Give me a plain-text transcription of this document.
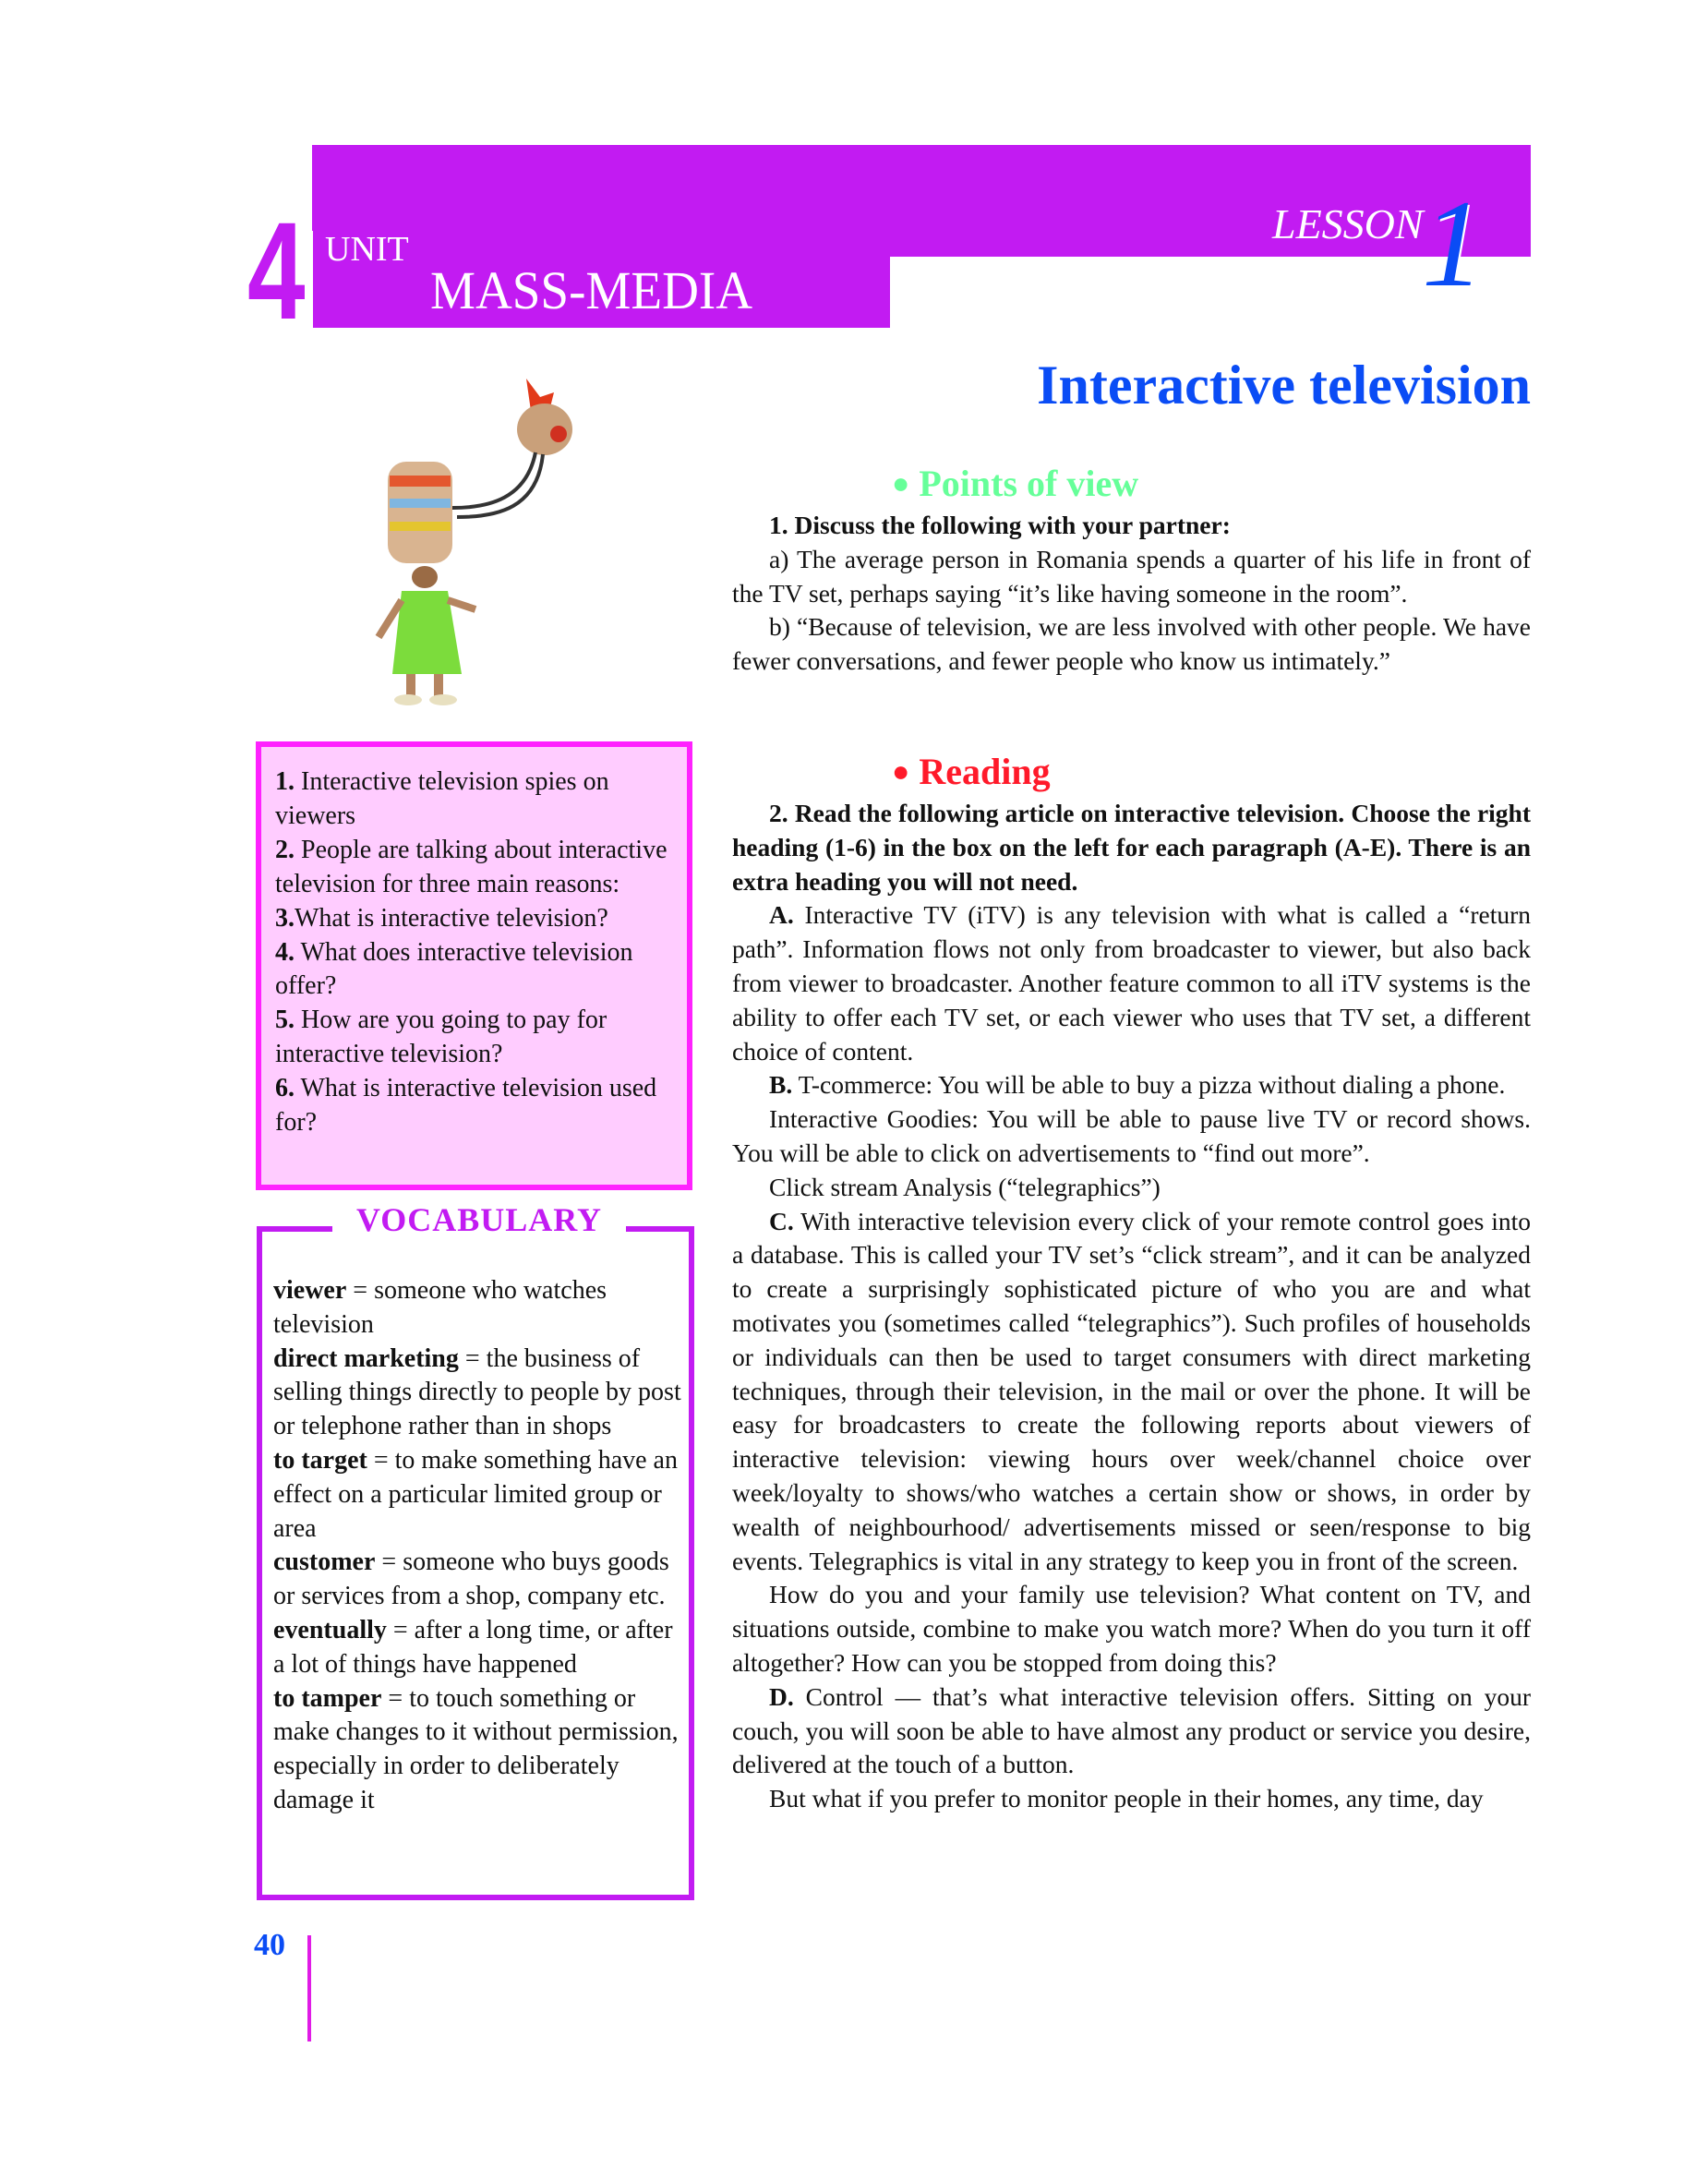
4 UNIT
MASS-MEDIA
LESSON
1
Interactive television
● Points of view

1. Discuss the following with your partner:

a) The average person in Romania spends a quarter of his life in front of the TV set, perhaps saying “it’s like having someone in the room”.

b) “Because of television, we are less involved with other people. We have fewer conversations, and fewer people who know us intimately.”

● Reading

2. Read the following article on interactive television. Choose the right heading (1-6) in the box on the left for each paragraph (A-E). There is an extra heading you will not need.

A. Interactive TV (iTV) is any television with what is called a “return path”. Information flows not only from broadcaster to viewer, but also back from viewer to broadcaster. Another feature common to all iTV systems is the ability to offer each TV set, or each viewer who uses that TV set, a different choice of content.

B. T-commerce: You will be able to buy a pizza without dialing a phone.

Interactive Goodies: You will be able to pause live TV or record shows. You will be able to click on advertisements to “find out more”.

Click stream Analysis (“telegraphics”)

C. With interactive television every click of your remote control goes into a database. This is called your TV set’s “click stream”, and it can be analyzed to create a surprisingly sophisticated picture of who you are and what motivates you (sometimes called “telegraphics”). Such profiles of households or individuals can then be used to target consumers with direct marketing techniques, through their television, in the mail or over the phone. It will be easy for broadcasters to create the following reports about viewers of interactive television: viewing hours over week/channel choice over week/loyalty to shows/who watches a certain show or shows, in order by wealth of neighbourhood/ advertisements missed or seen/response to big events. Telegraphics is vital in any strategy to keep you in front of the screen.

How do you and your family use television? What content on TV, and situations outside, combine to make you watch more? When do you turn it off altogether? How can you be stopped from doing this?

D. Control — that’s what interactive television offers. Sitting on your couch, you will soon be able to have almost any product or service you desire, delivered at the touch of a button.

But what if you prefer to monitor people in their homes, any time, day

1. Interactive television spies on viewers
2. People are talking about interactive television for three main reasons:
3.What is interactive television?
4. What does interactive television offer?
5. How are you going to pay for interactive television?
6. What is interactive television used for?
viewer = someone who watches television
direct marketing = the business of selling things directly to people by post or telephone rather than in shops
to target = to make something have an effect on a particular limited group or area
customer = someone who buys goods or services from a shop, company etc.
eventually = after a long time, or after a lot of things have happened
to tamper = to touch something or make changes to it without permission, especially in order to deliberately damage it
VOCABULARY
40
